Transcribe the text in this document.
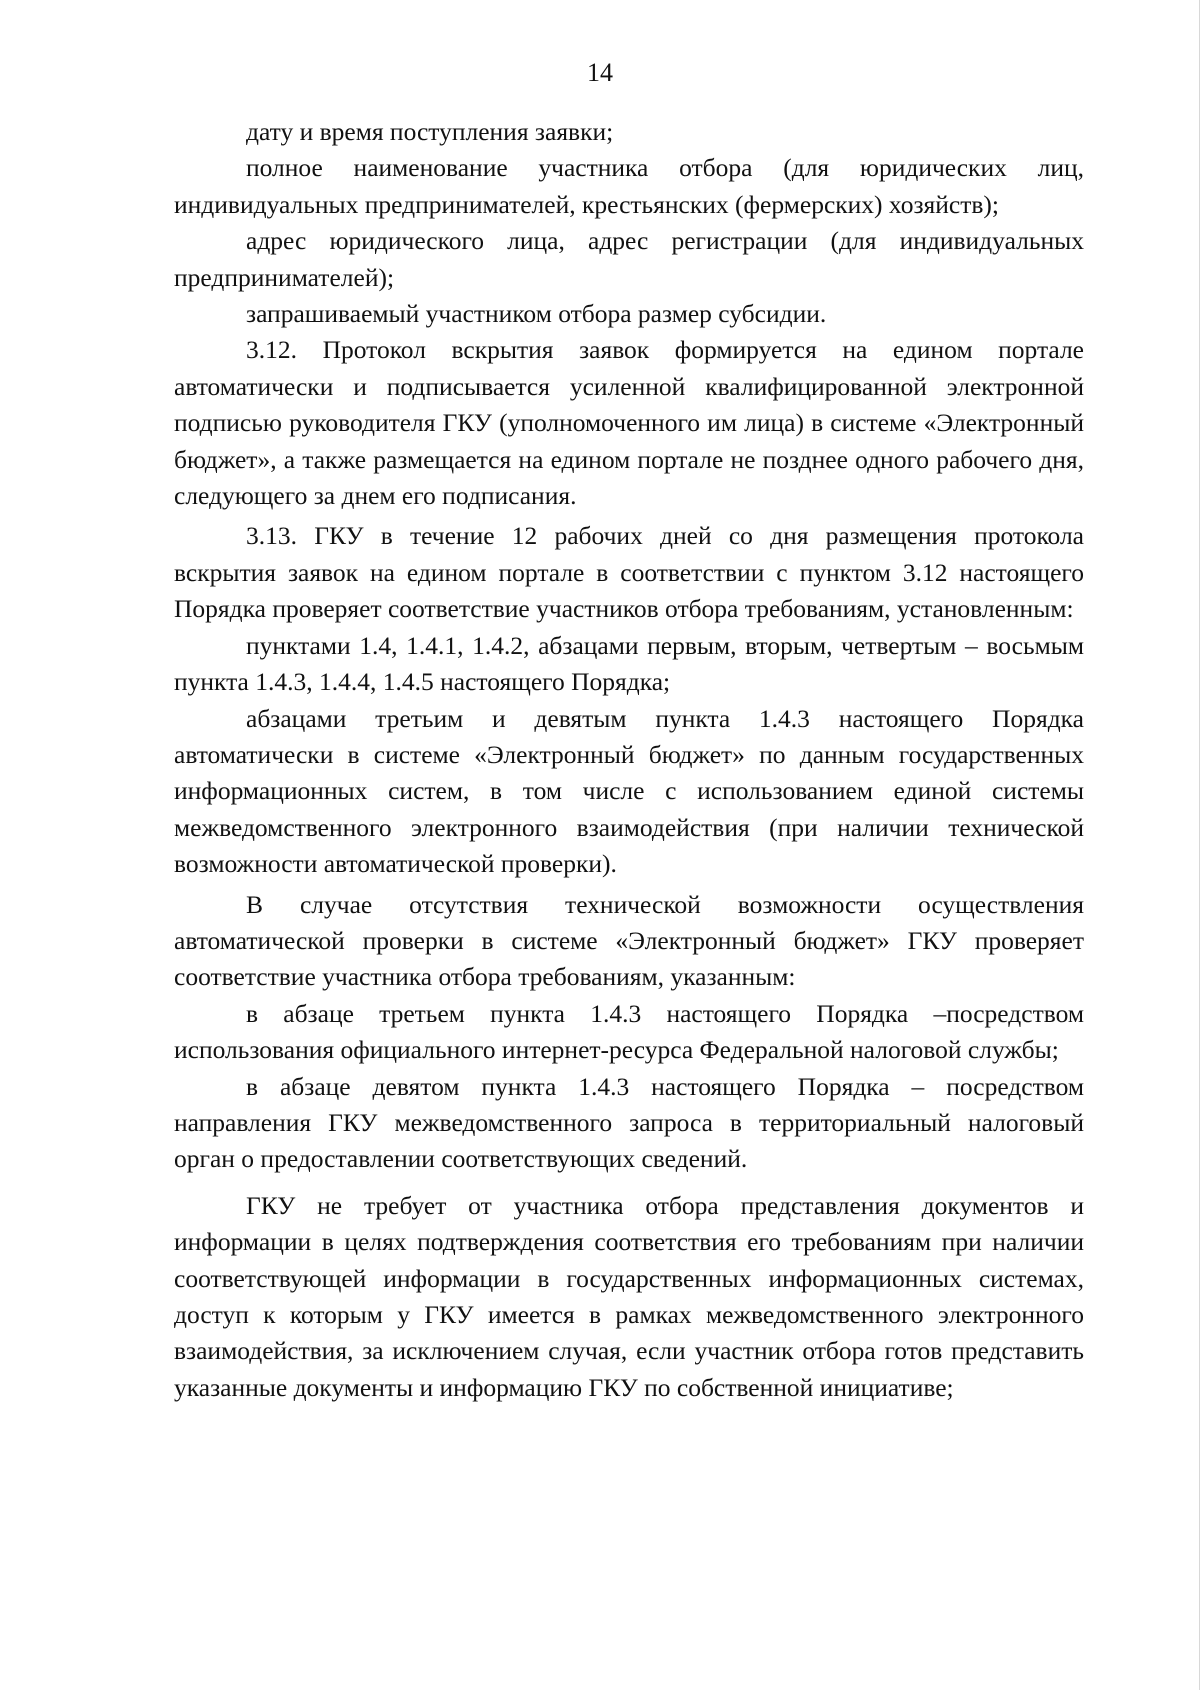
14

дату и время поступления заявки;

полное наименование участника отбора (для юридических лиц, индивидуальных предпринимателей, крестьянских (фермерских) хозяйств);

адрес юридического лица, адрес регистрации (для индивидуальных предпринимателей);

запрашиваемый участником отбора размер субсидии.

3.12. Протокол вскрытия заявок формируется на едином портале автоматически и подписывается усиленной квалифицированной электронной подписью руководителя ГКУ (уполномоченного им лица) в системе «Электронный бюджет», а также размещается на едином портале не позднее одного рабочего дня, следующего за днем его подписания.

3.13. ГКУ в течение 12 рабочих дней со дня размещения протокола вскрытия заявок на едином портале в соответствии с пунктом 3.12 настоящего Порядка проверяет соответствие участников отбора требованиям, установленным:

пунктами 1.4, 1.4.1, 1.4.2, абзацами первым, вторым, четвертым – восьмым пункта 1.4.3, 1.4.4, 1.4.5 настоящего Порядка;

абзацами третьим и девятым пункта 1.4.3 настоящего Порядка автоматически в системе «Электронный бюджет» по данным государственных информационных систем, в том числе с использованием единой системы межведомственного электронного взаимодействия (при наличии технической возможности автоматической проверки).

В случае отсутствия технической возможности осуществления автоматической проверки в системе «Электронный бюджет» ГКУ проверяет соответствие участника отбора требованиям, указанным:

в абзаце третьем пункта 1.4.3 настоящего Порядка –посредством использования официального интернет-ресурса Федеральной налоговой службы;

в абзаце девятом пункта 1.4.3 настоящего Порядка – посредством направления ГКУ межведомственного запроса в территориальный налоговый орган о предоставлении соответствующих сведений.

ГКУ не требует от участника отбора представления документов и информации в целях подтверждения соответствия его требованиям при наличии соответствующей информации в государственных информационных системах, доступ к которым у ГКУ имеется в рамках межведомственного электронного взаимодействия, за исключением случая, если участник отбора готов представить указанные документы и информацию ГКУ по собственной инициативе;
